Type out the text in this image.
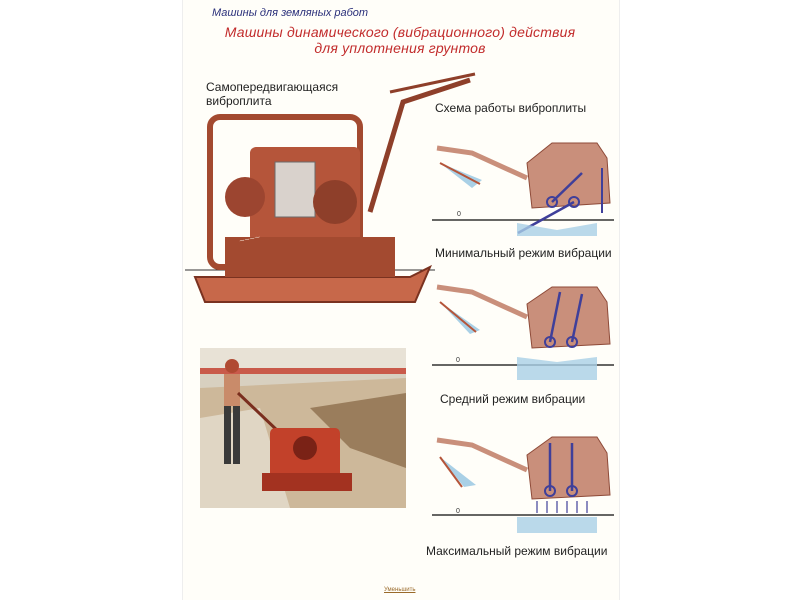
Машины для земляных работ
Машины динамического (вибрационного) действия
для уплотнения грунтов
Самопередвигающаяся виброплита
~~~~
Схема работы виброплиты
0
Минимальный режим вибрации
0
Средний режим вибрации
0
Максимальный режим вибрации
Уменьшить
